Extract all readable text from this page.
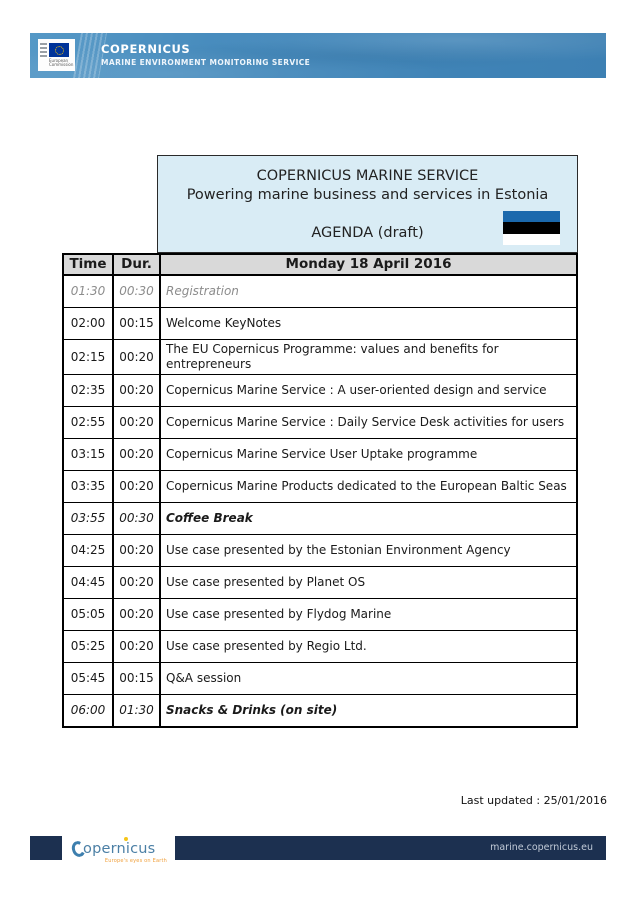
European Commission
COPERNICUS
MARINE ENVIRONMENT MONITORING SERVICE
COPERNICUS MARINE SERVICE
Powering marine business and services in Estonia
AGENDA (draft)
Time	Dur.	Monday 18 April 2016
01:30	00:30	Registration
02:00	00:15	Welcome KeyNotes
02:15	00:20	The EU Copernicus Programme: values and benefits for entrepreneurs
02:35	00:20	Copernicus Marine Service : A user-oriented design and service
02:55	00:20	Copernicus Marine Service : Daily Service Desk activities for users
03:15	00:20	Copernicus Marine Service User Uptake programme
03:35	00:20	Copernicus Marine Products dedicated to the European Baltic Seas
03:55	00:30	Coffee Break
04:25	00:20	Use case presented by the Estonian Environment Agency
04:45	00:20	Use case presented by Planet OS
05:05	00:20	Use case presented by Flydog Marine
05:25	00:20	Use case presented by Regio Ltd.
05:45	00:15	Q&A session
06:00	01:30	Snacks & Drinks (on site)
Last updated : 25/01/2016
marine.copernicus.eu
opernicus
Europe's eyes on Earth
